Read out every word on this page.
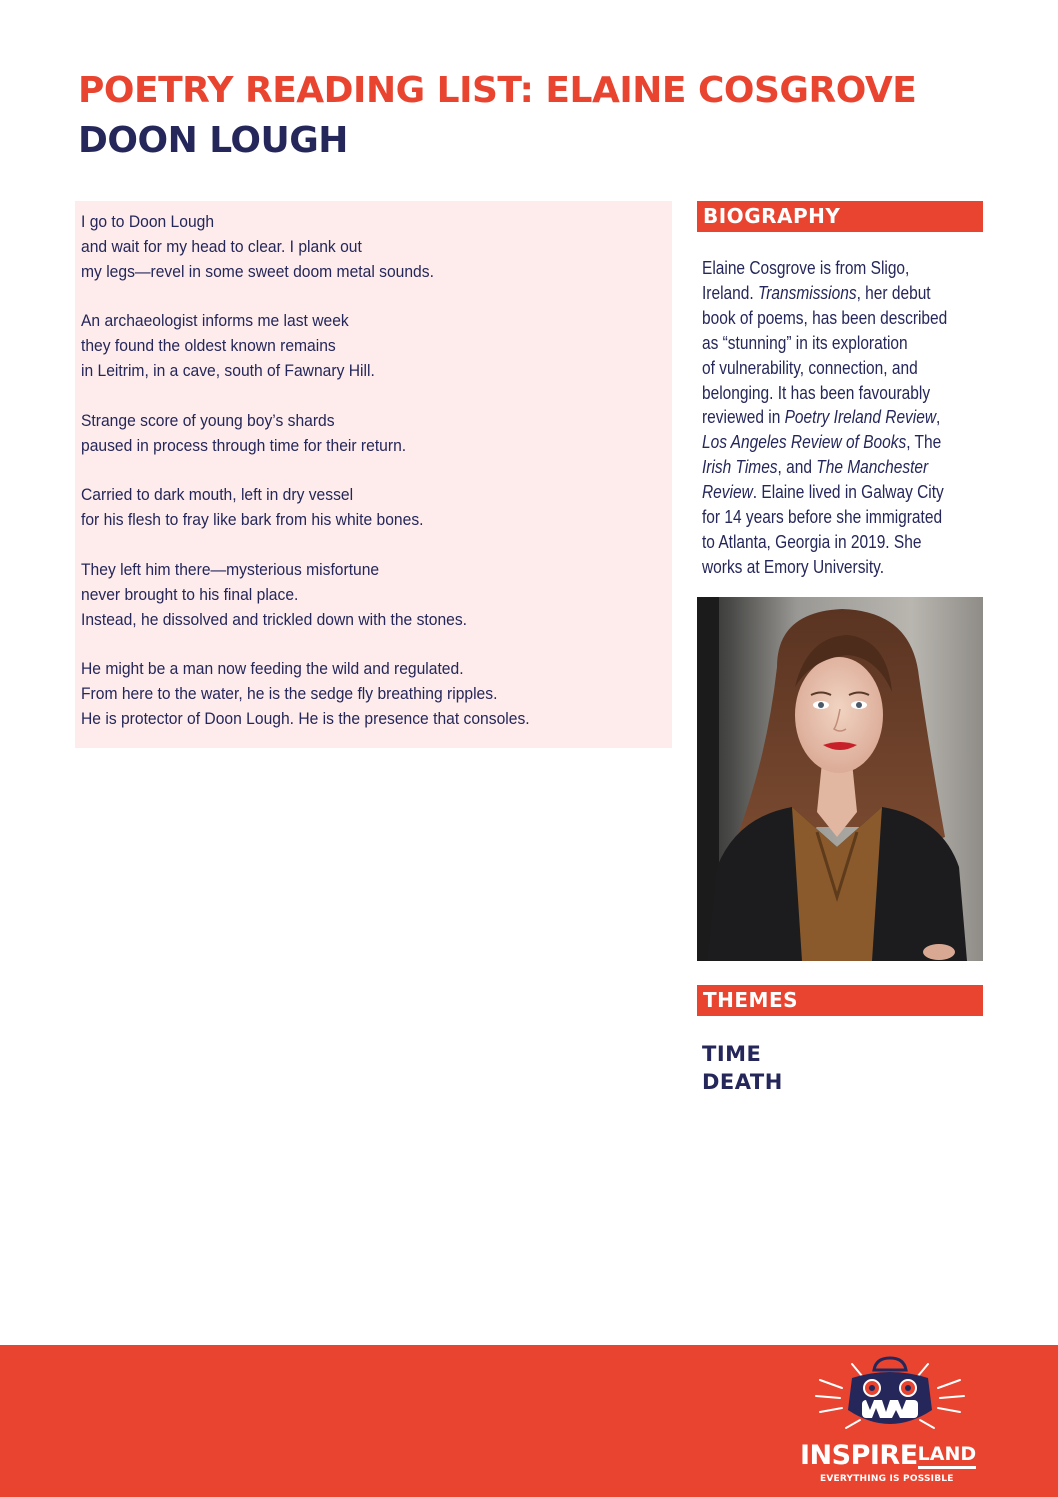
POETRY READING LIST: ELAINE COSGROVE
DOON LOUGH
I go to Doon Lough
and wait for my head to clear. I plank out
my legs—revel in some sweet doom metal sounds.
An archaeologist informs me last week
they found the oldest known remains
in Leitrim, in a cave, south of Fawnary Hill.
Strange score of young boy’s shards
paused in process through time for their return.
Carried to dark mouth, left in dry vessel
for his flesh to fray like bark from his white bones.
They left him there—mysterious misfortune
never brought to his final place.
Instead, he dissolved and trickled down with the stones.
He might be a man now feeding the wild and regulated.
From here to the water, he is the sedge fly breathing ripples.
He is protector of Doon Lough. He is the presence that consoles.
BIOGRAPHY
Elaine Cosgrove is from Sligo,
Ireland. Transmissions, her debut
book of poems, has been described
as “stunning” in its exploration
of vulnerability, connection, and
belonging. It has been favourably
reviewed in Poetry Ireland Review,
Los Angeles Review of Books, The
Irish Times, and The Manchester
Review. Elaine lived in Galway City
for 14 years before she immigrated
to Atlanta, Georgia in 2019. She
works at Emory University.
THEMES
TIME
DEATH
INSPIRELAND
EVERYTHING IS POSSIBLE
